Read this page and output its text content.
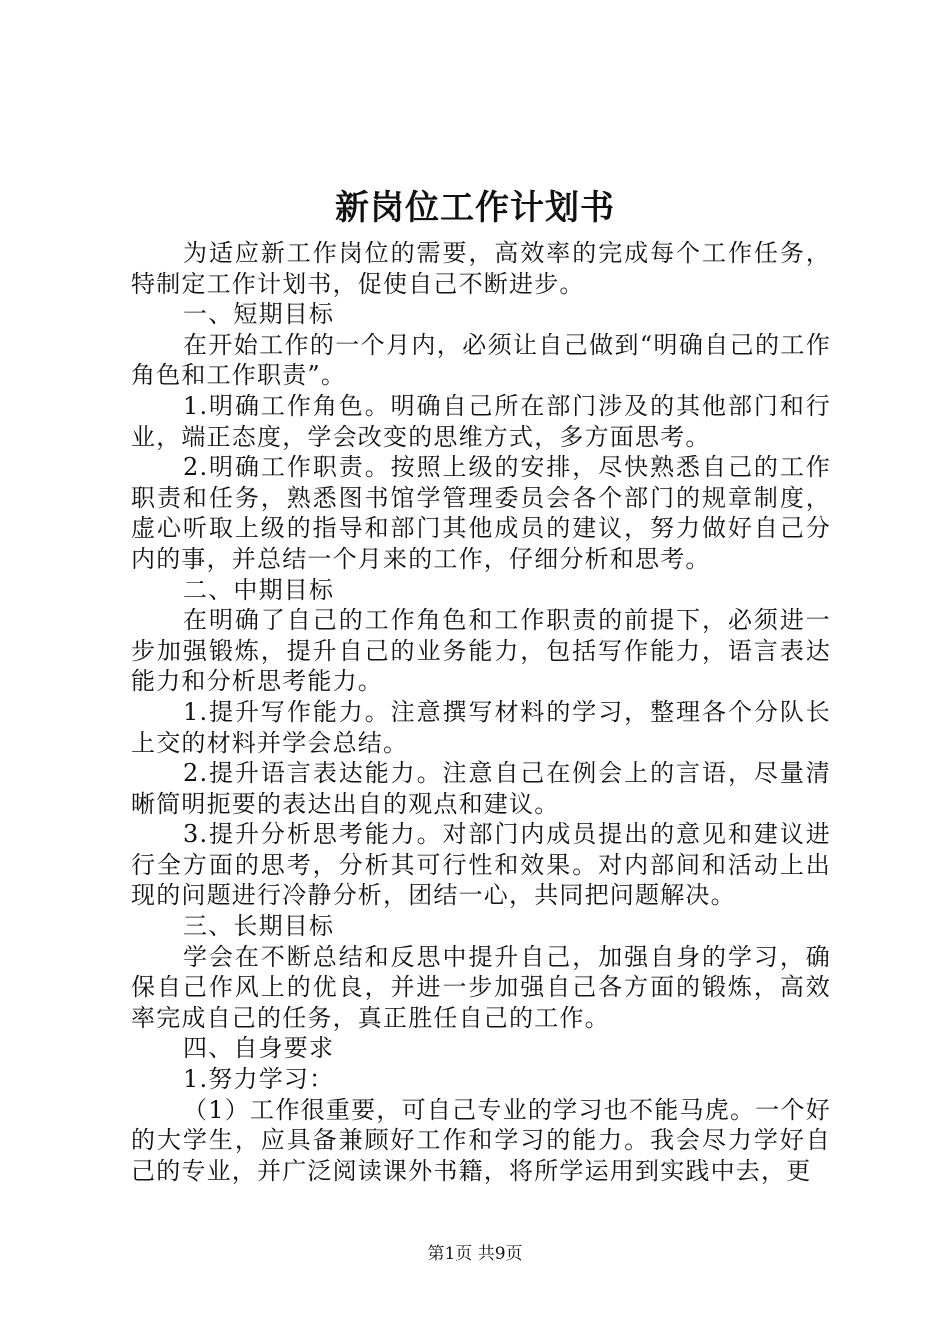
新岗位工作计划书

为适应新工作岗位的需要，高效率的完成每个工作任务，特制定工作计划书，促使自己不断进步。

一、短期目标

在开始工作的一个月内，必须让自己做到“明确自己的工作角色和工作职责”。

1.明确工作角色。明确自己所在部门涉及的其他部门和行业，端正态度，学会改变的思维方式，多方面思考。

2.明确工作职责。按照上级的安排，尽快熟悉自己的工作职责和任务，熟悉图书馆学管理委员会各个部门的规章制度，虚心听取上级的指导和部门其他成员的建议，努力做好自己分内的事，并总结一个月来的工作，仔细分析和思考。

二、中期目标

在明确了自己的工作角色和工作职责的前提下，必须进一步加强锻炼，提升自己的业务能力，包括写作能力，语言表达能力和分析思考能力。

1.提升写作能力。注意撰写材料的学习，整理各个分队长上交的材料并学会总结。

2.提升语言表达能力。注意自己在例会上的言语，尽量清晰简明扼要的表达出自的观点和建议。

3.提升分析思考能力。对部门内成员提出的意见和建议进行全方面的思考，分析其可行性和效果。对内部间和活动上出现的问题进行冷静分析，团结一心，共同把问题解决。

三、长期目标

学会在不断总结和反思中提升自己，加强自身的学习，确保自己作风上的优良，并进一步加强自己各方面的锻炼，高效率完成自己的任务，真正胜任自己的工作。

四、自身要求

1.努力学习：

（1）工作很重要，可自己专业的学习也不能马虎。一个好的大学生，应具备兼顾好工作和学习的能力。我会尽力学好自己的专业，并广泛阅读课外书籍，将所学运用到实践中去，更

第1页 共9页
